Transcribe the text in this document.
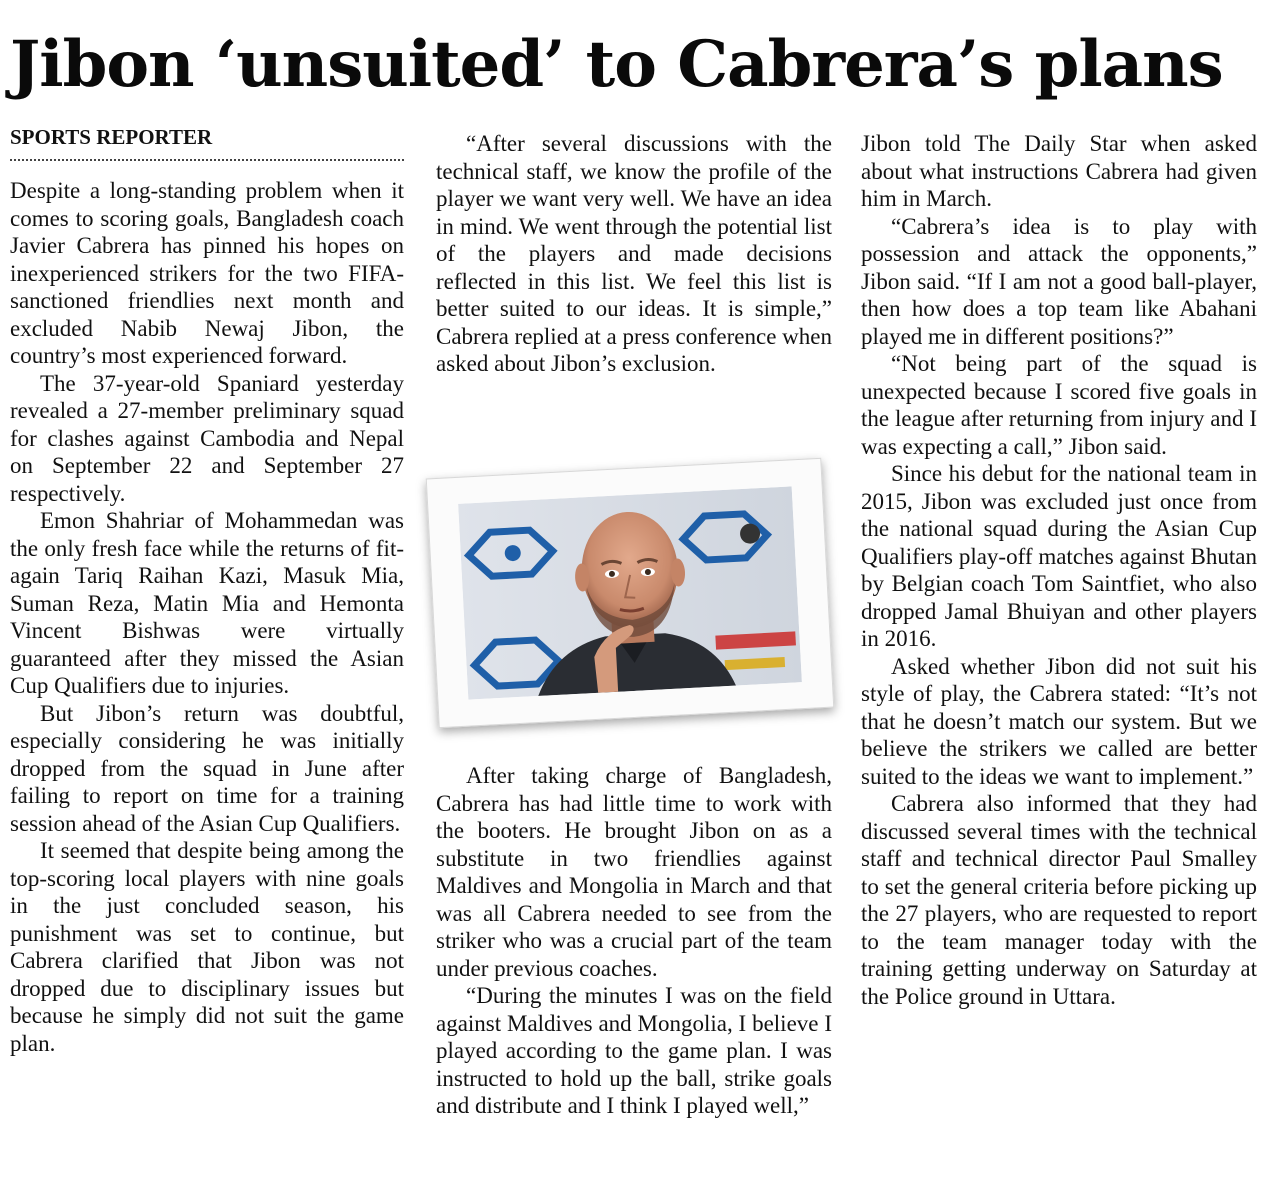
Jibon ‘unsuited’ to Cabrera’s plans
SPORTS REPORTER

Despite a long-standing problem when it comes to scoring goals, Bangladesh coach Javier Cabrera has pinned his hopes on inexperienced strikers for the two FIFA-sanctioned friendlies next month and excluded Nabib Newaj Jibon, the country’s most experienced forward.

The 37-year-old Spaniard yesterday revealed a 27-member preliminary squad for clashes against Cambodia and Nepal on September 22 and September 27 respectively.

Emon Shahriar of Mohammedan was the only fresh face while the returns of fit-again Tariq Raihan Kazi, Masuk Mia, Suman Reza, Matin Mia and Hemonta Vincent Bishwas were virtually guaranteed after they missed the Asian Cup Qualifiers due to injuries.

But Jibon’s return was doubtful, especially considering he was initially dropped from the squad in June after failing to report on time for a training session ahead of the Asian Cup Qualifiers.

It seemed that despite being among the top-scoring local players with nine goals in the just concluded season, his punishment was set to continue, but Cabrera clarified that Jibon was not dropped due to disciplinary issues but because he simply did not suit the game plan.

“After several discussions with the technical staff, we know the profile of the player we want very well. We have an idea in mind. We went through the potential list of the players and made decisions reflected in this list. We feel this list is better suited to our ideas. It is simple,” Cabrera replied at a press conference when asked about Jibon’s exclusion.

After taking charge of Bangladesh, Cabrera has had little time to work with the booters. He brought Jibon on as a substitute in two friendlies against Maldives and Mongolia in March and that was all Cabrera needed to see from the striker who was a crucial part of the team under previous coaches.

“During the minutes I was on the field against Maldives and Mongolia, I believe I played according to the game plan. I was instructed to hold up the ball, strike goals and distribute and I think I played well,”

Jibon told The Daily Star when asked about what instructions Cabrera had given him in March.

“Cabrera’s idea is to play with possession and attack the opponents,” Jibon said. “If I am not a good ball-player, then how does a top team like Abahani played me in different positions?”

“Not being part of the squad is unexpected because I scored five goals in the league after returning from injury and I was expecting a call,” Jibon said.

Since his debut for the national team in 2015, Jibon was excluded just once from the national squad during the Asian Cup Qualifiers play-off matches against Bhutan by Belgian coach Tom Saintfiet, who also dropped Jamal Bhuiyan and other players in 2016.

Asked whether Jibon did not suit his style of play, the Cabrera stated: “It’s not that he doesn’t match our system. But we believe the strikers we called are better suited to the ideas we want to implement.”

Cabrera also informed that they had discussed several times with the technical staff and technical director Paul Smalley to set the general criteria before picking up the 27 players, who are requested to report to the team manager today with the training getting underway on Saturday at the Police ground in Uttara.
